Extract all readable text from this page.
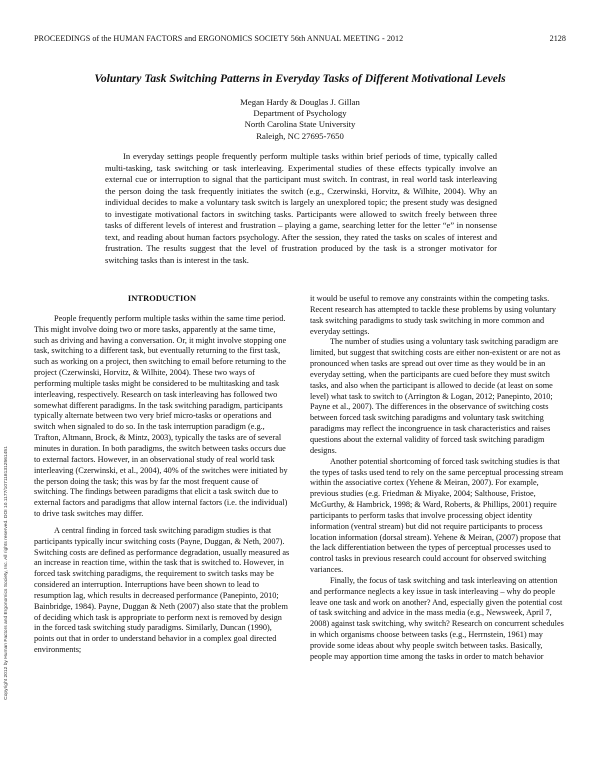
PROCEEDINGS of the HUMAN FACTORS and ERGONOMICS SOCIETY 56th ANNUAL MEETING - 2012	2128
Voluntary Task Switching Patterns in Everyday Tasks of Different Motivational Levels
Megan Hardy & Douglas J. Gillan
Department of Psychology
North Carolina State University
Raleigh, NC 27695-7650

In everyday settings people frequently perform multiple tasks within brief periods of time, typically called multi-tasking, task switching or task interleaving. Experimental studies of these effects typically involve an external cue or interruption to signal that the participant must switch. In contrast, in real world task interleaving the person doing the task frequently initiates the switch (e.g., Czerwinski, Horvitz, & Wilhite, 2004). Why an individual decides to make a voluntary task switch is largely an unexplored topic; the present study was designed to investigate motivational factors in switching tasks. Participants were allowed to switch freely between three tasks of different levels of interest and frustration – playing a game, searching letter for the letter “e” in nonsense text, and reading about human factors psychology. After the session, they rated the tasks on scales of interest and frustration. The results suggest that the level of frustration produced by the task is a stronger motivator for switching tasks than is interest in the task.

INTRODUCTION

People frequently perform multiple tasks within the same time period. This might involve doing two or more tasks, apparently at the same time, such as driving and having a conversation. Or, it might involve stopping one task, switching to a different task, but eventually returning to the first task, such as working on a project, then switching to email before returning to the project (Czerwinski, Horvitz, & Wilhite, 2004). These two ways of performing multiple tasks might be considered to be multitasking and task interleaving, respectively. Research on task interleaving has followed two somewhat different paradigms. In the task switching paradigm, participants typically alternate between two very brief micro-tasks or operations and switch when signaled to do so. In the task interruption paradigm (e.g., Trafton, Altmann, Brock, & Mintz, 2003), typically the tasks are of several minutes in duration. In both paradigms, the switch between tasks occurs due to external factors. However, in an observational study of real world task interleaving (Czerwinski, et al., 2004), 40% of the switches were initiated by the person doing the task; this was by far the most frequent cause of switching. The findings between paradigms that elicit a task switch due to external factors and paradigms that allow internal factors (i.e. the individual) to drive task switches may differ.

A central finding in forced task switching paradigm studies is that participants typically incur switching costs (Payne, Duggan, & Neth, 2007). Switching costs are defined as performance degradation, usually measured as an increase in reaction time, within the task that is switched to. However, in forced task switching paradigms, the requirement to switch tasks may be considered an interruption. Interruptions have been shown to lead to resumption lag, which results in decreased performance (Panepinto, 2010; Bainbridge, 1984). Payne, Duggan & Neth (2007) also state that the problem of deciding which task is appropriate to perform next is removed by design in the forced task switching study paradigms. Similarly, Duncan (1990), points out that in order to understand behavior in a complex goal directed environments;

it would be useful to remove any constraints within the competing tasks. Recent research has attempted to tackle these problems by using voluntary task switching paradigms to study task switching in more common and everyday settings.

The number of studies using a voluntary task switching paradigm are limited, but suggest that switching costs are either non-existent or are not as pronounced when tasks are spread out over time as they would be in an everyday setting, when the participants are cued before they must switch tasks, and also when the participant is allowed to decide (at least on some level) what task to switch to (Arrington & Logan, 2012; Panepinto, 2010; Payne et al., 2007). The differences in the observance of switching costs between forced task switching paradigms and voluntary task switching paradigms may reflect the incongruence in task characteristics and raises questions about the external validity of forced task switching paradigm designs.

Another potential shortcoming of forced task switching studies is that the types of tasks used tend to rely on the same perceptual processing stream within the associative cortex (Yehene & Meiran, 2007). For example, previous studies (e.g. Friedman & Miyake, 2004; Salthouse, Fristoe, McGurthy, & Hambrick, 1998; & Ward, Roberts, & Phillips, 2001) require participants to perform tasks that involve processing object identity information (ventral stream) but did not require participants to process location information (dorsal stream). Yehene & Meiran, (2007) propose that the lack differentiation between the types of perceptual processes used to control tasks in previous research could account for observed switching variances.

Finally, the focus of task switching and task interleaving on attention and performance neglects a key issue in task interleaving – why do people leave one task and work on another? And, especially given the potential cost of task switching and advice in the mass media (e.g., Newsweek, April 7, 2008) against task switching, why switch? Research on concurrent schedules in which organisms choose between tasks (e.g., Herrnstein, 1961) may provide some ideas about why people switch between tasks. Basically, people may apportion time among the tasks in order to match behavior

Copyright 2012 by Human Factors and Ergonomics Society, Inc. All rights reserved. DOI 10.1177/1071181312561451
